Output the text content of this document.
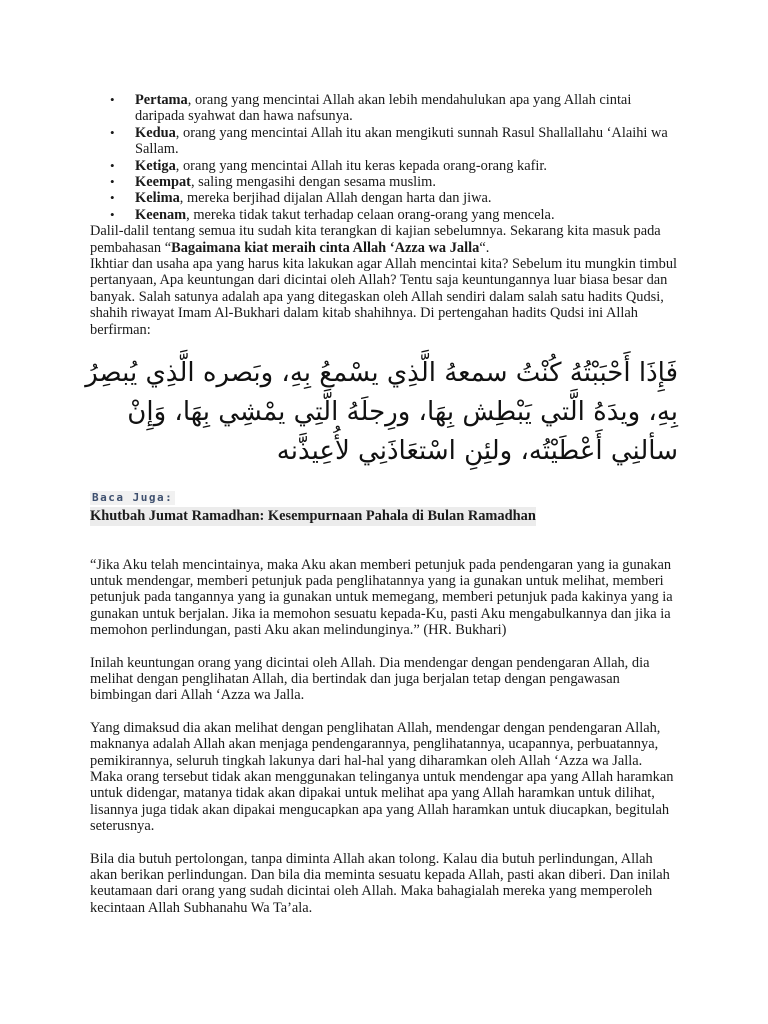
• Pertama, orang yang mencintai Allah akan lebih mendahulukan apa yang Allah cintai daripada syahwat dan hawa nafsunya.
• Kedua, orang yang mencintai Allah itu akan mengikuti sunnah Rasul Shallallahu ‘Alaihi wa Sallam.
• Ketiga, orang yang mencintai Allah itu keras kepada orang-orang kafir.
• Keempat, saling mengasihi dengan sesama muslim.
• Kelima, mereka berjihad dijalan Allah dengan harta dan jiwa.
• Keenam, mereka tidak takut terhadap celaan orang-orang yang mencela.

Dalil-dalil tentang semua itu sudah kita terangkan di kajian sebelumnya. Sekarang kita masuk pada pembahasan “Bagaimana kiat meraih cinta Allah ‘Azza wa Jalla“.
Ikhtiar dan usaha apa yang harus kita lakukan agar Allah mencintai kita? Sebelum itu mungkin timbul pertanyaan, Apa keuntungan dari dicintai oleh Allah? Tentu saja keuntungannya luar biasa besar dan banyak. Salah satunya adalah apa yang ditegaskan oleh Allah sendiri dalam salah satu hadits Qudsi, shahih riwayat Imam Al-Bukhari dalam kitab shahihnya. Di pertengahan hadits Qudsi ini Allah berfirman:

فَإِذَا أَحْبَبْتُهُ كُنْتُ سمعهُ الَّذِي يسْمعُ بِهِ، وبَصره الَّذِي يُبصِرُ بِهِ، ويدَهُ الَّتي يَبْطِش بِهَا، ورِجلَهُ الَّتِي يمْشِي بِهَا، وَإِنْ سألنِي أَعْطَيْتُه، ولئِنِ اسْتعَاذَنِي لأُعِيذَّنه

Baca Juga:
Khutbah Jumat Ramadhan: Kesempurnaan Pahala di Bulan Ramadhan

“Jika Aku telah mencintainya, maka Aku akan memberi petunjuk pada pendengaran yang ia gunakan untuk mendengar, memberi petunjuk pada penglihatannya yang ia gunakan untuk melihat, memberi petunjuk pada tangannya yang ia gunakan untuk memegang, memberi petunjuk pada kakinya yang ia gunakan untuk berjalan. Jika ia memohon sesuatu kepada-Ku, pasti Aku mengabulkannya dan jika ia memohon perlindungan, pasti Aku akan melindunginya.” (HR. Bukhari)

Inilah keuntungan orang yang dicintai oleh Allah. Dia mendengar dengan pendengaran Allah, dia melihat dengan penglihatan Allah, dia bertindak dan juga berjalan tetap dengan pengawasan bimbingan dari Allah ‘Azza wa Jalla.

Yang dimaksud dia akan melihat dengan penglihatan Allah, mendengar dengan pendengaran Allah, maknanya adalah Allah akan menjaga pendengarannya, penglihatannya, ucapannya, perbuatannya, pemikirannya, seluruh tingkah lakunya dari hal-hal yang diharamkan oleh Allah ‘Azza wa Jalla. Maka orang tersebut tidak akan menggunakan telinganya untuk mendengar apa yang Allah haramkan untuk didengar, matanya tidak akan dipakai untuk melihat apa yang Allah haramkan untuk dilihat, lisannya juga tidak akan dipakai mengucapkan apa yang Allah haramkan untuk diucapkan, begitulah seterusnya.

Bila dia butuh pertolongan, tanpa diminta Allah akan tolong. Kalau dia butuh perlindungan, Allah akan berikan perlindungan. Dan bila dia meminta sesuatu kepada Allah, pasti akan diberi. Dan inilah keutamaan dari orang yang sudah dicintai oleh Allah. Maka bahagialah mereka yang memperoleh kecintaan Allah Subhanahu Wa Ta’ala.
